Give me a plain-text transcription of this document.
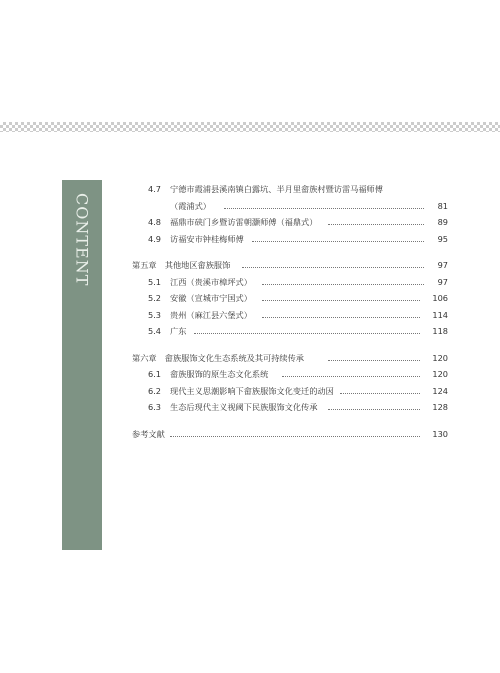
CONTENT
4.7 宁德市霞浦县溪南镇白露坑、半月里畲族村暨访雷马福师傅
（霞浦式）	81
4.8 福鼎市硖门乡暨访雷朝灏师傅（福鼎式）	89
4.9 访福安市钟桂梅师傅	95
第五章　其他地区畲族服饰	97
5.1 江西（贵溪市樟坪式）	97
5.2 安徽（宣城市宁国式）	106
5.3 贵州（麻江县六堡式）	114
5.4 广东	118
第六章　畲族服饰文化生态系统及其可持续传承	120
6.1 畲族服饰的原生态文化系统	120
6.2 现代主义思潮影响下畲族服饰文化变迁的动因	124
6.3 生态后现代主义视阈下民族服饰文化传承	128
参考文献	130
